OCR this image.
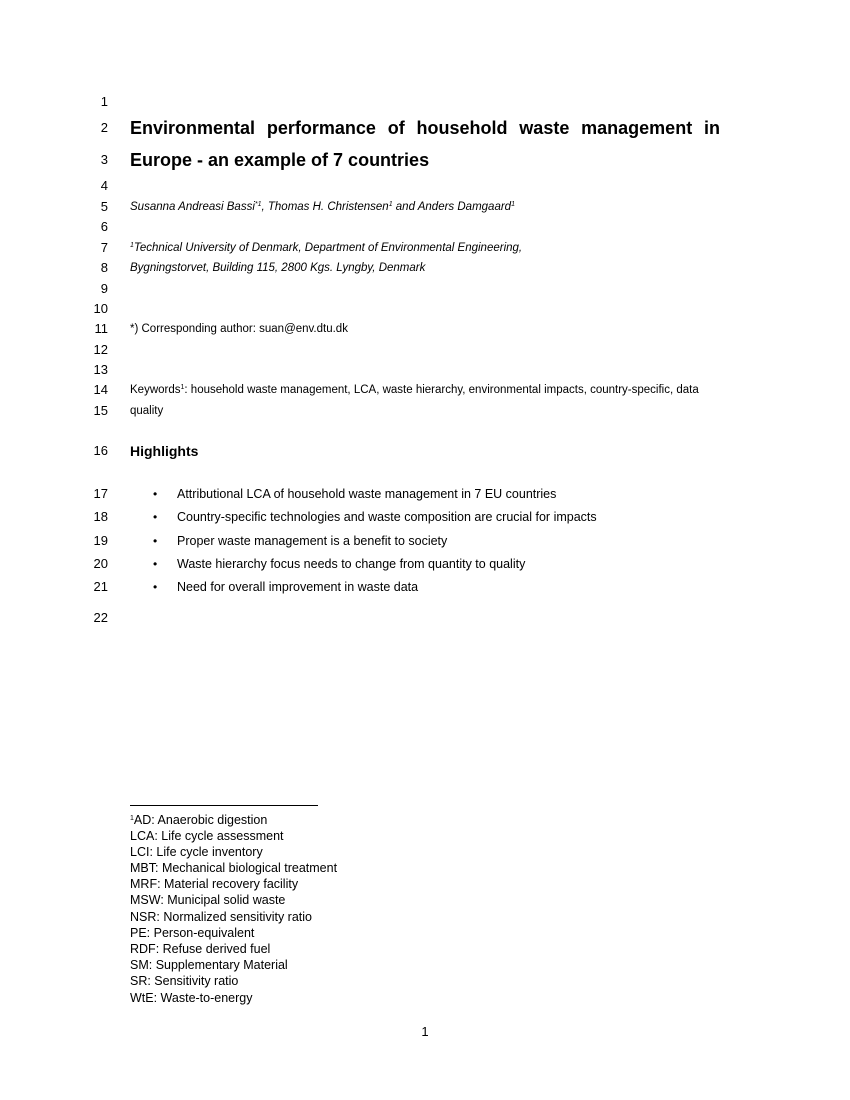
1
2
3
4
5
6
7
8
9
10
11
12
13
14
15
16
17
18
19
20
21
22
Environmental performance of household waste management in
Europe - an example of 7 countries
Susanna Andreasi Bassi$^{*1}$, Thomas H. Christensen$^1$ and Anders Damgaard$^1$
$^1$Technical University of Denmark, Department of Environmental Engineering,
Bygningstorvet, Building 115, 2800 Kgs. Lyngby, Denmark
*) Corresponding author: suan@env.dtu.dk
Keywords$^1$: household waste management, LCA, waste hierarchy, environmental impacts, country-specific, data
quality
Highlights
• Attributional LCA of household waste management in 7 EU countries
• Country-specific technologies and waste composition are crucial for impacts
• Proper waste management is a benefit to society
• Waste hierarchy focus needs to change from quantity to quality
• Need for overall improvement in waste data
$^1$AD: Anaerobic digestion
LCA: Life cycle assessment
LCI: Life cycle inventory
MBT: Mechanical biological treatment
MRF: Material recovery facility
MSW: Municipal solid waste
NSR: Normalized sensitivity ratio
PE: Person-equivalent
RDF: Refuse derived fuel
SM: Supplementary Material
SR: Sensitivity ratio
WtE: Waste-to-energy
1
